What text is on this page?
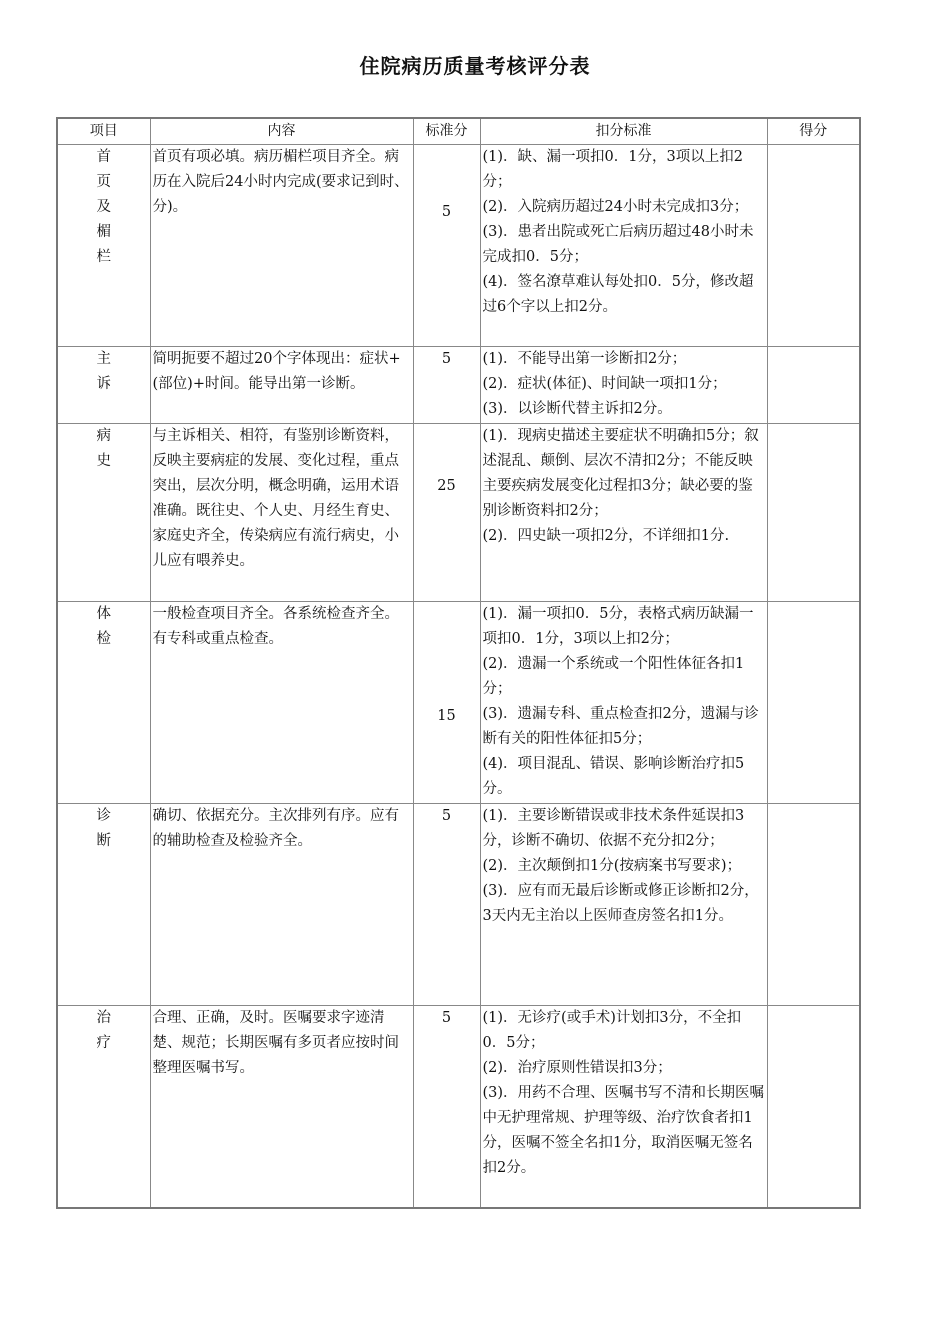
住院病历质量考核评分表
项目	内容	标准分	扣分标准	得分
首页及楣栏	首页有项必填。病历楣栏项目齐全。病历在入院后24小时内完成(要求记到时、分)。	5	(1)．缺、漏一项扣0．1分，3项以上扣2分；
(2)．入院病历超过24小时未完成扣3分；
(3)．患者出院或死亡后病历超过48小时未完成扣0．5分；
(4)．签名潦草难认每处扣0．5分，修改超过6个字以上扣2分。	

主诉	简明扼要不超过20个字体现出：症状+(部位)+时间。能导出第一诊断。	5	(1)．不能导出第一诊断扣2分；
(2)．症状(体征)、时间缺一项扣1分；
(3)．以诊断代替主诉扣2分。	

病史	与主诉相关、相符，有鉴别诊断资料，反映主要病症的发展、变化过程，重点突出，层次分明，概念明确，运用术语准确。既往史、个人史、月经生育史、家庭史齐全，传染病应有流行病史，小儿应有喂养史。	25	(1)．现病史描述主要症状不明确扣5分；叙述混乱、颠倒、层次不清扣2分；不能反映主要疾病发展变化过程扣3分；缺必要的鉴别诊断资料扣2分；
(2)．四史缺一项扣2分，不详细扣1分.	

体检	一般检查项目齐全。各系统检查齐全。有专科或重点检查。	15	(1)．漏一项扣0．5分，表格式病历缺漏一项扣0．1分，3项以上扣2分；
(2)．遗漏一个系统或一个阳性体征各扣1分；
(3)．遗漏专科、重点检查扣2分，遗漏与诊断有关的阳性体征扣5分；
(4)．项目混乱、错误、影响诊断治疗扣5分。	

诊断	确切、依据充分。主次排列有序。应有的辅助检查及检验齐全。	5	(1)．主要诊断错误或非技术条件延误扣3分，诊断不确切、依据不充分扣2分；
(2)．主次颠倒扣1分(按病案书写要求)；
(3)．应有而无最后诊断或修正诊断扣2分，3天内无主治以上医师查房签名扣1分。	

治疗	合理、正确，及时。医嘱要求字迹清楚、规范；长期医嘱有多页者应按时间整理医嘱书写。	5	(1)．无诊疗(或手术)计划扣3分，不全扣0．5分；
(2)．治疗原则性错误扣3分；
(3)．用药不合理、医嘱书写不清和长期医嘱中无护理常规、护理等级、治疗饮食者扣1分，医嘱不签全名扣1分，取消医嘱无签名扣2分。	
